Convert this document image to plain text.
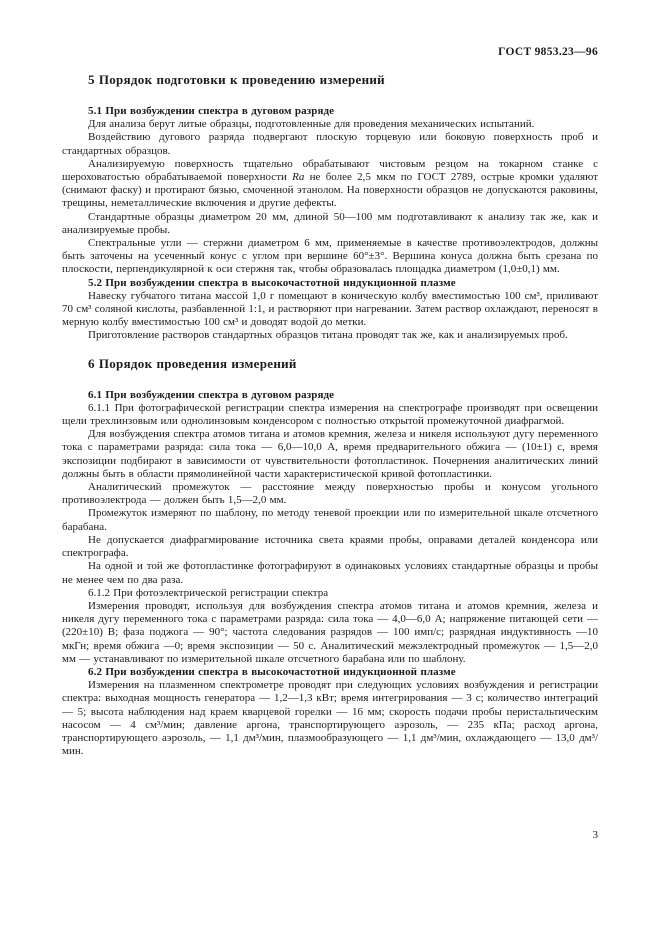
ГОСТ 9853.23—96
5 Порядок подготовки к проведению измерений
5.1 При возбуждении спектра в дуговом разряде

Для анализа берут литые образцы, подготовленные для проведения механических испытаний.

Воздействию дугового разряда подвергают плоскую торцевую или боковую поверхность проб и стандартных образцов.

Анализируемую поверхность тщательно обрабатывают чистовым резцом на токарном станке с шероховатостью обрабатываемой поверхности Ra не более 2,5 мкм по ГОСТ 2789, острые кромки удаляют (снимают фаску) и протирают бязью, смоченной этанолом. На поверхности образцов не допускаются раковины, трещины, неметаллические включения и другие дефекты.

Стандартные образцы диаметром 20 мм, длиной 50—100 мм подготавливают к анализу так же, как и анализируемые пробы.

Спектральные угли — стержни диаметром 6 мм, применяемые в качестве противоэлектродов, должны быть заточены на усеченный конус с углом при вершине 60°±3°. Вершина конуса должна быть срезана по плоскости, перпендикулярной к оси стержня так, чтобы образовалась площадка диаметром (1,0±0,1) мм.

5.2 При возбуждении спектра в высокочастотной индукционной плазме

Навеску губчатого титана массой 1,0 г помещают в коническую колбу вместимостью 100 см³, приливают 70 см³ соляной кислоты, разбавленной 1:1, и растворяют при нагревании. Затем раствор охлаждают, переносят в мерную колбу вместимостью 100 см³ и доводят водой до метки.

Приготовление растворов стандартных образцов титана проводят так же, как и анализируемых проб.

6 Порядок проведения измерений
6.1 При возбуждении спектра в дуговом разряде

6.1.1 При фотографической регистрации спектра измерения на спектрографе производят при освещении щели трехлинзовым или однолинзовым конденсором с полностью открытой промежуточной диафрагмой.

Для возбуждения спектра атомов титана и атомов кремния, железа и никеля используют дугу переменного тока с параметрами разряда: сила тока — 6,0—10,0 А, время предварительного обжига — (10±1) с, время экспозиции подбирают в зависимости от чувствительности фотопластинок. Почернения аналитических линий должны быть в области прямолинейной части характеристической кривой фотопластинки.

Аналитический промежуток — расстояние между поверхностью пробы и конусом угольного противоэлектрода — должен быть 1,5—2,0 мм.

Промежуток измеряют по шаблону, по методу теневой проекции или по измерительной шкале отсчетного барабана.

Не допускается диафрагмирование источника света краями пробы, оправами деталей конденсора или спектрографа.

На одной и той же фотопластинке фотографируют в одинаковых условиях стандартные образцы и пробы не менее чем по два раза.

6.1.2 При фотоэлектрической регистрации спектра

Измерения проводят, используя для возбуждения спектра атомов титана и атомов кремния, железа и никеля дугу переменного тока с параметрами разряда: сила тока — 4,0—6,0 А; напряжение питающей сети — (220±10) В; фаза поджога — 90°; частота следования разрядов — 100 имп/с; разрядная индуктивность —10 мкГн; время обжига —0; время экспозиции — 50 с. Аналитический межэлектродный промежуток — 1,5—2,0 мм — устанавливают по измерительной шкале отсчетного барабана или по шаблону.

6.2 При возбуждении спектра в высокочастотной индукционной плазме

Измерения на плазменном спектрометре проводят при следующих условиях возбуждения и регистрации спектра: выходная мощность генератора — 1,2—1,3 кВт; время интегрирования — 3 с; количество интеграций — 5; высота наблюдения над краем кварцевой горелки — 16 мм; скорость подачи пробы перистальтическим насосом — 4 см³/мин; давление аргона, транспортирующего аэрозоль, — 235 кПа; расход аргона, транспортирующего аэрозоль, — 1,1 дм³/мин, плазмообразующего — 1,1 дм³/мин, охлаждающего — 13,0 дм³/мин.

3
